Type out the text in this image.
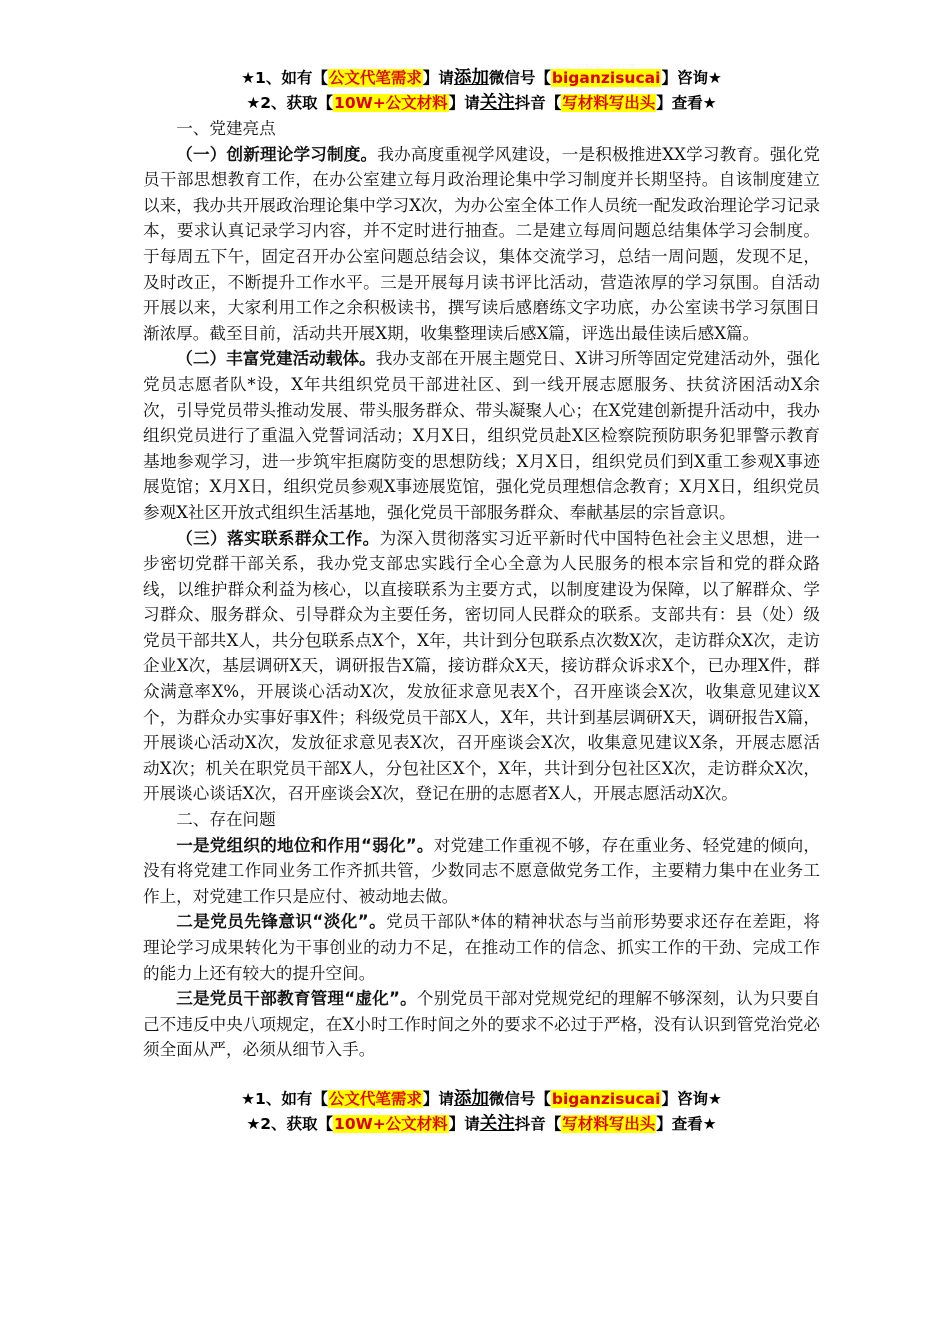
★1、如有【公文代笔需求】请添加微信号【biganzisucai】咨询★
★2、获取【10W+公文材料】请关注抖音【写材料写出头】查看★
一、党建亮点

（一）创新理论学习制度。我办高度重视学风建设，一是积极推进XX学习教育。强化党员干部思想教育工作，在办公室建立每月政治理论集中学习制度并长期坚持。自该制度建立以来，我办共开展政治理论集中学习X次，为办公室全体工作人员统一配发政治理论学习记录本，要求认真记录学习内容，并不定时进行抽查。二是建立每周问题总结集体学习会制度。于每周五下午，固定召开办公室问题总结会议，集体交流学习，总结一周问题，发现不足，及时改正，不断提升工作水平。三是开展每月读书评比活动，营造浓厚的学习氛围。自活动开展以来，大家利用工作之余积极读书，撰写读后感磨练文字功底，办公室读书学习氛围日渐浓厚。截至目前，活动共开展X期，收集整理读后感X篇，评选出最佳读后感X篇。

（二）丰富党建活动载体。我办支部在开展主题党日、X讲习所等固定党建活动外，强化党员志愿者队*设，X年共组织党员干部进社区、到一线开展志愿服务、扶贫济困活动X余次，引导党员带头推动发展、带头服务群众、带头凝聚人心；在X党建创新提升活动中，我办组织党员进行了重温入党誓词活动；X月X日，组织党员赴X区检察院预防职务犯罪警示教育基地参观学习，进一步筑牢拒腐防变的思想防线；X月X日，组织党员们到X重工参观X事迹展览馆；X月X日，组织党员参观X事迹展览馆，强化党员理想信念教育；X月X日，组织党员参观X社区开放式组织生活基地，强化党员干部服务群众、奉献基层的宗旨意识。

（三）落实联系群众工作。为深入贯彻落实习近平新时代中国特色社会主义思想，进一步密切党群干部关系，我办党支部忠实践行全心全意为人民服务的根本宗旨和党的群众路线，以维护群众利益为核心，以直接联系为主要方式，以制度建设为保障，以了解群众、学习群众、服务群众、引导群众为主要任务，密切同人民群众的联系。支部共有：县（处）级党员干部共X人，共分包联系点X个，X年，共计到分包联系点次数X次，走访群众X次，走访企业X次，基层调研X天，调研报告X篇，接访群众X天，接访群众诉求X个，已办理X件，群众满意率X%，开展谈心活动X次，发放征求意见表X个，召开座谈会X次，收集意见建议X个，为群众办实事好事X件；科级党员干部X人，X年，共计到基层调研X天，调研报告X篇，开展谈心活动X次，发放征求意见表X次，召开座谈会X次，收集意见建议X条，开展志愿活动X次；机关在职党员干部X人，分包社区X个，X年，共计到分包社区X次，走访群众X次，开展谈心谈话X次，召开座谈会X次，登记在册的志愿者X人，开展志愿活动X次。

二、存在问题

一是党组织的地位和作用“弱化”。对党建工作重视不够，存在重业务、轻党建的倾向，没有将党建工作同业务工作齐抓共管，少数同志不愿意做党务工作，主要精力集中在业务工作上，对党建工作只是应付、被动地去做。

二是党员先锋意识“淡化”。党员干部队*体的精神状态与当前形势要求还存在差距，将理论学习成果转化为干事创业的动力不足，在推动工作的信念、抓实工作的干劲、完成工作的能力上还有较大的提升空间。

三是党员干部教育管理“虚化”。个别党员干部对党规党纪的理解不够深刻，认为只要自己不违反中央八项规定，在X小时工作时间之外的要求不必过于严格，没有认识到管党治党必须全面从严，必须从细节入手。

★1、如有【公文代笔需求】请添加微信号【biganzisucai】咨询★
★2、获取【10W+公文材料】请关注抖音【写材料写出头】查看★
